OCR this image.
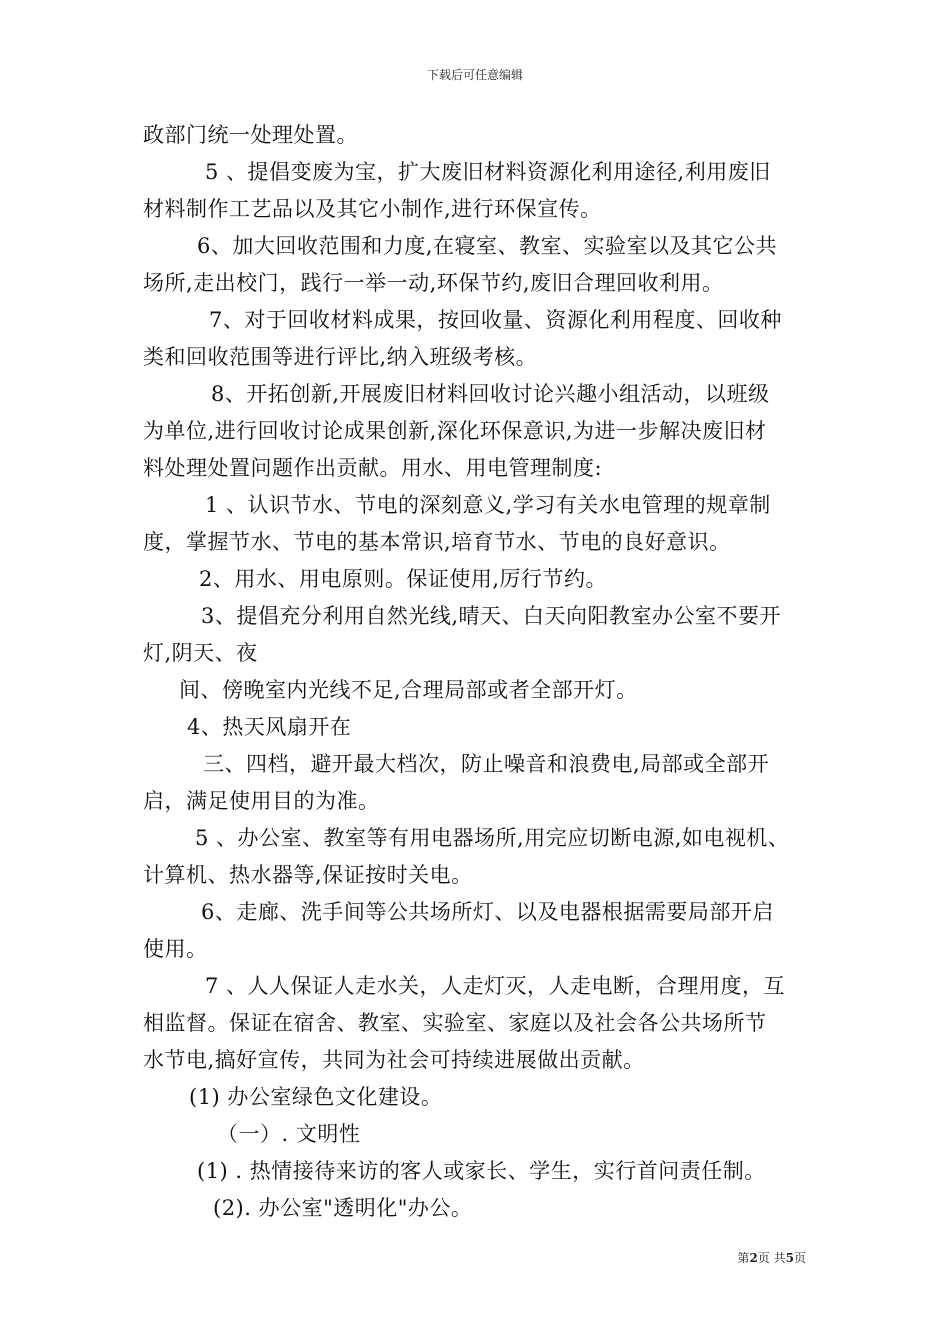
下载后可任意编辑
政部门统一处理处置。
5 、提倡变废为宝，扩大废旧材料资源化利用途径,利用废旧
材料制作工艺品以及其它小制作,进行环保宣传。
6、加大回收范围和力度,在寝室、教室、实验室以及其它公共
场所,走出校门，践行一举一动,环保节约,废旧合理回收利用。
7、对于回收材料成果，按回收量、资源化利用程度、回收种
类和回收范围等进行评比,纳入班级考核。
8、开拓创新,开展废旧材料回收讨论兴趣小组活动，以班级
为单位,进行回收讨论成果创新,深化环保意识,为进一步解决废旧材
料处理处置问题作出贡献。用水、用电管理制度:
1 、认识节水、节电的深刻意义,学习有关水电管理的规章制
度，掌握节水、节电的基本常识,培育节水、节电的良好意识。
2、用水、用电原则。保证使用,厉行节约。
3、提倡充分利用自然光线,晴天、白天向阳教室办公室不要开
灯,阴天、夜
间、傍晚室内光线不足,合理局部或者全部开灯。
4、热天风扇开在
三、四档，避开最大档次，防止噪音和浪费电,局部或全部开
启，满足使用目的为准。
5 、办公室、教室等有用电器场所,用完应切断电源,如电视机、
计算机、热水器等,保证按时关电。
6、走廊、洗手间等公共场所灯、以及电器根据需要局部开启
使用。
7 、人人保证人走水关，人走灯灭，人走电断，合理用度，互
相监督。保证在宿舍、教室、实验室、家庭以及社会各公共场所节
水节电,搞好宣传，共同为社会可持续进展做出贡献。
(1) 办公室绿色文化建设。
（一）. 文明性
(1) . 热情接待来访的客人或家长、学生，实行首问责任制。
(2). 办公室"透明化"办公。
第2页 共5页
